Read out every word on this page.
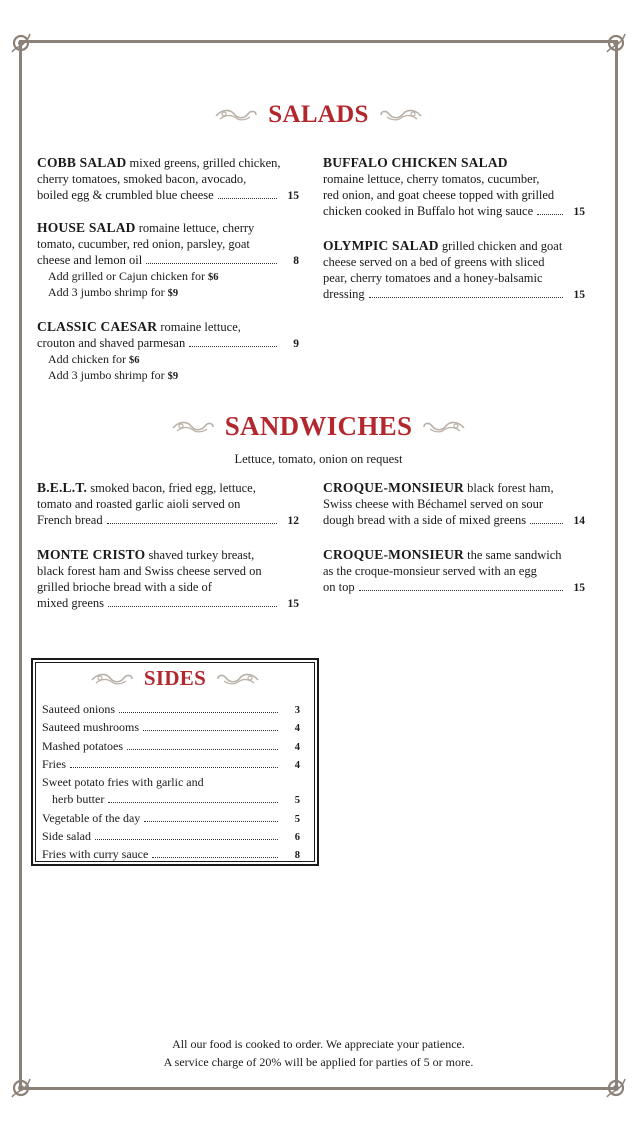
SALADS
COBB SALAD mixed greens, grilled chicken,
cherry tomatoes, smoked bacon, avocado,
boiled egg & crumbled blue cheese	15
HOUSE SALAD romaine lettuce, cherry
tomato, cucumber, red onion, parsley, goat
cheese and lemon oil	8
Add grilled or Cajun chicken for $6
Add 3 jumbo shrimp for $9
CLASSIC CAESAR romaine lettuce,
crouton and shaved parmesan	9
Add chicken for $6
Add 3 jumbo shrimp for $9
BUFFALO CHICKEN SALAD
romaine lettuce, cherry tomatos, cucumber,
red onion, and goat cheese topped with grilled
chicken cooked in Buffalo hot wing sauce	15
OLYMPIC SALAD grilled chicken and goat
cheese served on a bed of greens with sliced
pear, cherry tomatoes and a honey-balsamic
dressing	15
SANDWICHES
Lettuce, tomato, onion on request
B.E.L.T. smoked bacon, fried egg, lettuce,
tomato and roasted garlic aioli served on
French bread	12
MONTE CRISTO shaved turkey breast,
black forest ham and Swiss cheese served on
grilled brioche bread with a side of
mixed greens	15
CROQUE-MONSIEUR black forest ham,
Swiss cheese with Béchamel served on sour
dough bread with a side of mixed greens	14
CROQUE-MONSIEUR the same sandwich
as the croque-monsieur served with an egg
on top	15
SIDES
Sauteed onions	3
Sauteed mushrooms	4
Mashed potatoes	4
Fries	4
Sweet potato fries with garlic and
herb butter	5
Vegetable of the day	5
Side salad	6
Fries with curry sauce	8
All our food is cooked to order. We appreciate your patience.
A service charge of 20% will be applied for parties of 5 or more.
